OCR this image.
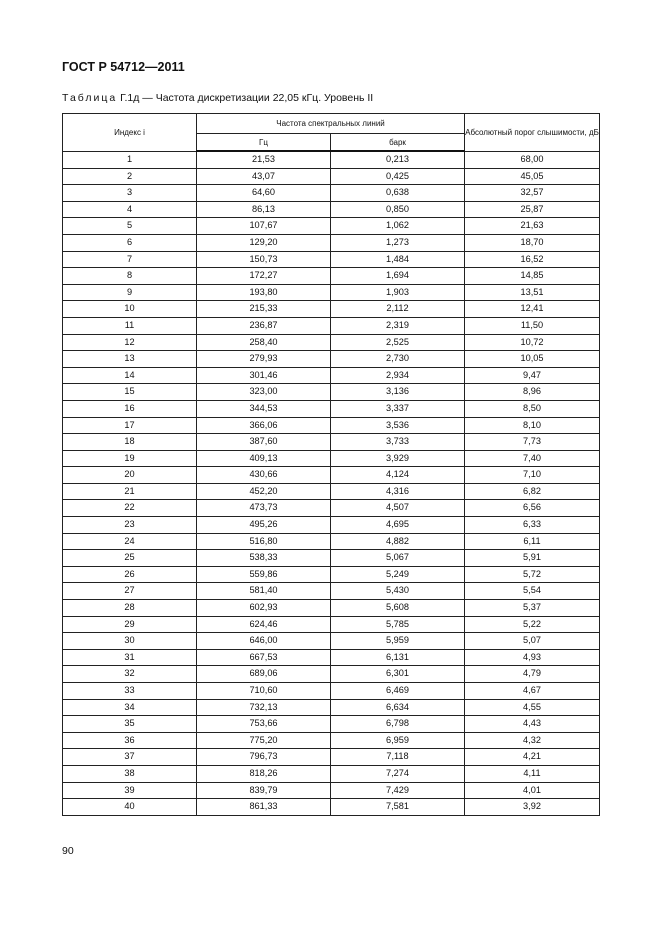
ГОСТ Р 54712—2011
Таблица Г.1д — Частота дискретизации 22,05 кГц. Уровень II
Индекс i	Частота спектральных линий		Абсолютный порог слышимости, дБ
	Гц	барк	
1	21,53	0,213	68,00
2	43,07	0,425	45,05
3	64,60	0,638	32,57
4	86,13	0,850	25,87
5	107,67	1,062	21,63
6	129,20	1,273	18,70
7	150,73	1,484	16,52
8	172,27	1,694	14,85
9	193,80	1,903	13,51
10	215,33	2,112	12,41
11	236,87	2,319	11,50
12	258,40	2,525	10,72
13	279,93	2,730	10,05
14	301,46	2,934	9,47
15	323,00	3,136	8,96
16	344,53	3,337	8,50
17	366,06	3,536	8,10
18	387,60	3,733	7,73
19	409,13	3,929	7,40
20	430,66	4,124	7,10
21	452,20	4,316	6,82
22	473,73	4,507	6,56
23	495,26	4,695	6,33
24	516,80	4,882	6,11
25	538,33	5,067	5,91
26	559,86	5,249	5,72
27	581,40	5,430	5,54
28	602,93	5,608	5,37
29	624,46	5,785	5,22
30	646,00	5,959	5,07
31	667,53	6,131	4,93
32	689,06	6,301	4,79
33	710,60	6,469	4,67
34	732,13	6,634	4,55
35	753,66	6,798	4,43
36	775,20	6,959	4,32
37	796,73	7,118	4,21
38	818,26	7,274	4,11
39	839,79	7,429	4,01
40	861,33	7,581	3,92
90
